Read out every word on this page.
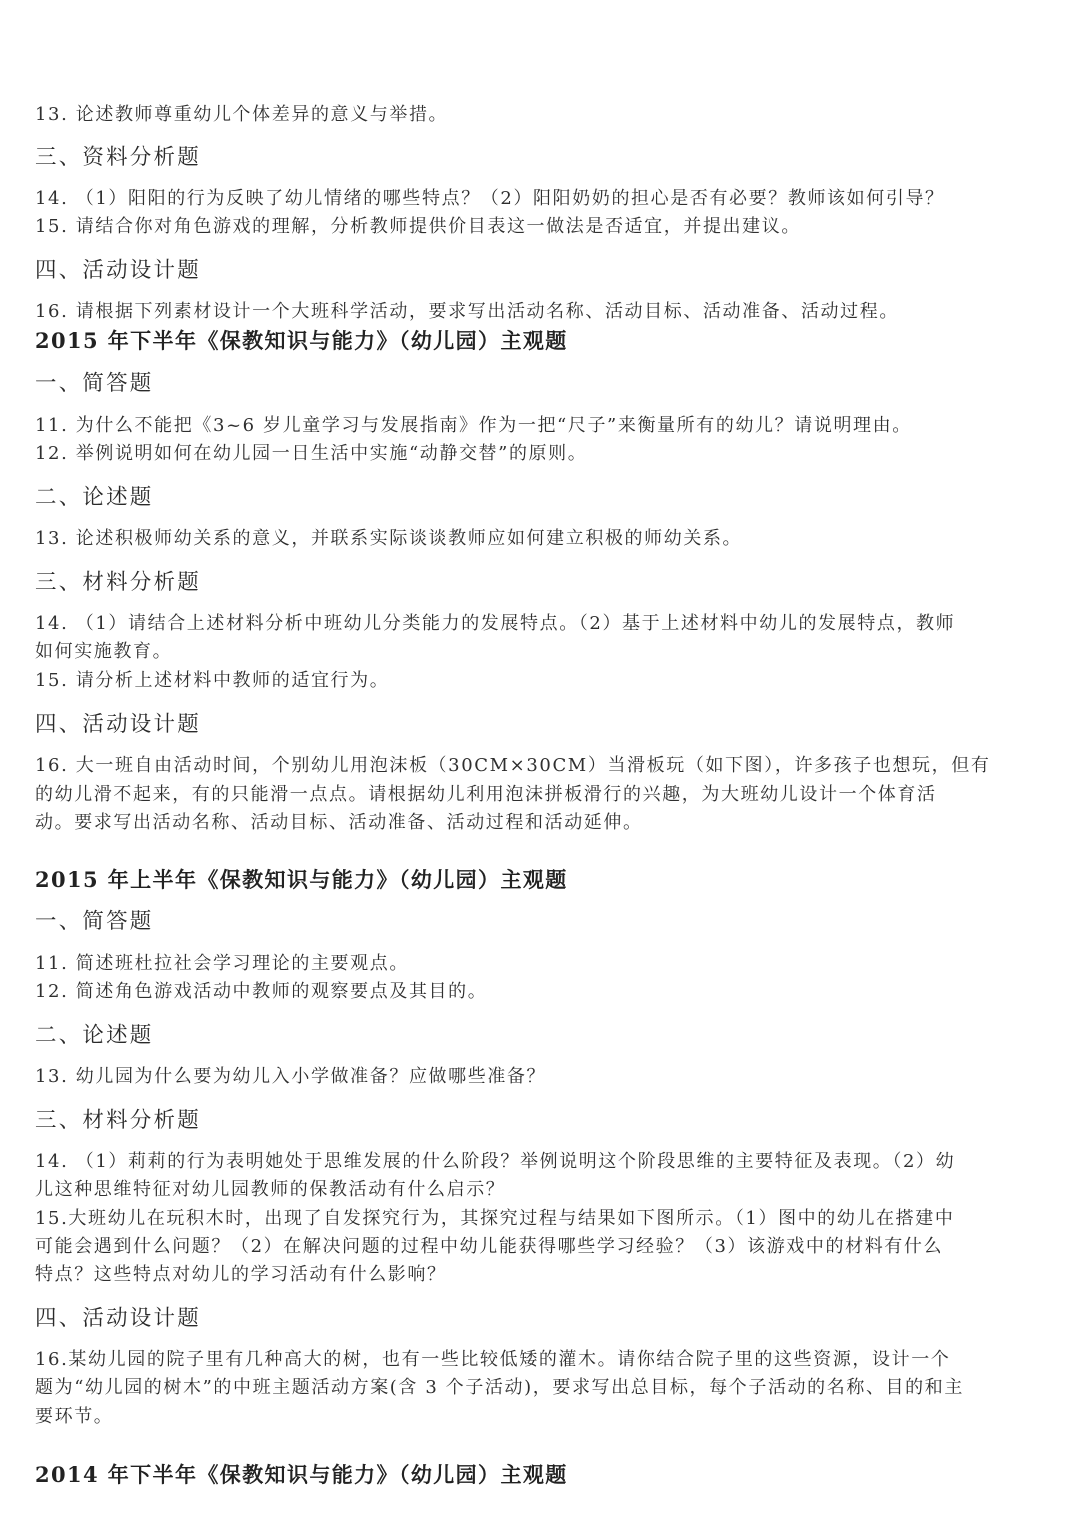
13. 论述教师尊重幼儿个体差异的意义与举措。
三、资料分析题
14. （1）阳阳的行为反映了幼儿情绪的哪些特点？（2）阳阳奶奶的担心是否有必要？教师该如何引导？
15. 请结合你对角色游戏的理解，分析教师提供价目表这一做法是否适宜，并提出建议。
四、活动设计题
16. 请根据下列素材设计一个大班科学活动，要求写出活动名称、活动目标、活动准备、活动过程。
2015 年下半年《保教知识与能力》（幼儿园）主观题
一、简答题
11. 为什么不能把《3~6 岁儿童学习与发展指南》作为一把“尺子”来衡量所有的幼儿？请说明理由。
12. 举例说明如何在幼儿园一日生活中实施“动静交替”的原则。
二、论述题
13. 论述积极师幼关系的意义，并联系实际谈谈教师应如何建立积极的师幼关系。
三、材料分析题
14. （1）请结合上述材料分析中班幼儿分类能力的发展特点。（2）基于上述材料中幼儿的发展特点，教师
如何实施教育。
15. 请分析上述材料中教师的适宜行为。
四、活动设计题
16. 大一班自由活动时间，个别幼儿用泡沫板（30CM×30CM）当滑板玩（如下图），许多孩子也想玩，但有
的幼儿滑不起来，有的只能滑一点点。请根据幼儿利用泡沫拼板滑行的兴趣，为大班幼儿设计一个体育活
动。要求写出活动名称、活动目标、活动准备、活动过程和活动延伸。
2015 年上半年《保教知识与能力》（幼儿园）主观题
一、简答题
11. 简述班杜拉社会学习理论的主要观点。
12. 简述角色游戏活动中教师的观察要点及其目的。
二、论述题
13. 幼儿园为什么要为幼儿入小学做准备？应做哪些准备？
三、材料分析题
14. （1）莉莉的行为表明她处于思维发展的什么阶段？举例说明这个阶段思维的主要特征及表现。（2）幼
儿这种思维特征对幼儿园教师的保教活动有什么启示？
15.大班幼儿在玩积木时，出现了自发探究行为，其探究过程与结果如下图所示。（1）图中的幼儿在搭建中
可能会遇到什么问题？（2）在解决问题的过程中幼儿能获得哪些学习经验？（3）该游戏中的材料有什么
特点？这些特点对幼儿的学习活动有什么影响？
四、活动设计题
16.某幼儿园的院子里有几种高大的树，也有一些比较低矮的灌木。请你结合院子里的这些资源，设计一个
题为“幼儿园的树木”的中班主题活动方案(含 3 个子活动)，要求写出总目标，每个子活动的名称、目的和主
要环节。
2014 年下半年《保教知识与能力》（幼儿园）主观题
